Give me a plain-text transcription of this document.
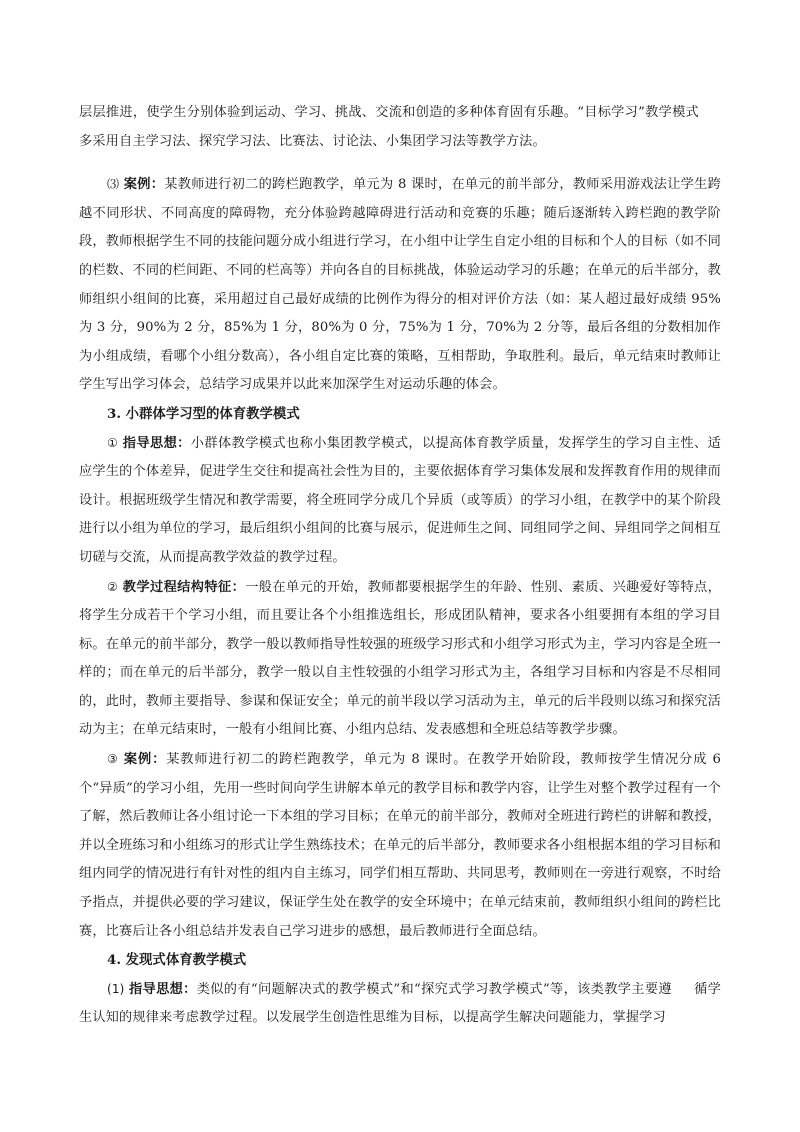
层层推进，使学生分别体验到运动、学习、挑战、交流和创造的多种体育固有乐趣。“目标学习”教学模式多采用自主学习法、探究学习法、比赛法、讨论法、小集团学习法等教学方法。

⑶ 案例：某教师进行初二的跨栏跑教学，单元为 8 课时，在单元的前半部分，教师采用游戏法让学生跨越不同形状、不同高度的障碍物，充分体验跨越障碍进行活动和竞赛的乐趣；随后逐渐转入跨栏跑的教学阶段，教师根据学生不同的技能问题分成小组进行学习，在小组中让学生自定小组的目标和个人的目标（如不同的栏数、不同的栏间距、不同的栏高等）并向各自的目标挑战，体验运动学习的乐趣；在单元的后半部分，教师组织小组间的比赛，采用超过自己最好成绩的比例作为得分的相对评价方法（如：某人超过最好成绩 95%为 3 分，90%为 2 分，85%为 1 分，80%为 0 分，75%为 1 分，70%为 2 分等，最后各组的分数相加作为小组成绩，看哪个小组分数高），各小组自定比赛的策略，互相帮助，争取胜利。最后，单元结束时教师让学生写出学习体会，总结学习成果并以此来加深学生对运动乐趣的体会。

3. 小群体学习型的体育教学模式

① 指导思想：小群体教学模式也称小集团教学模式，以提高体育教学质量，发挥学生的学习自主性、适应学生的个体差异，促进学生交往和提高社会性为目的，主要依据体育学习集体发展和发挥教育作用的规律而设计。根据班级学生情况和教学需要，将全班同学分成几个异质（或等质）的学习小组，在教学中的某个阶段进行以小组为单位的学习，最后组织小组间的比赛与展示，促进师生之间、同组同学之间、异组同学之间相互切磋与交流，从而提高教学效益的教学过程。

② 教学过程结构特征：一般在单元的开始，教师都要根据学生的年龄、性别、素质、兴趣爱好等特点，将学生分成若干个学习小组，而且要让各个小组推选组长，形成团队精神，要求各小组要拥有本组的学习目标。在单元的前半部分，教学一般以教师指导性较强的班级学习形式和小组学习形式为主，学习内容是全班一样的；而在单元的后半部分，教学一般以自主性较强的小组学习形式为主，各组学习目标和内容是不尽相同的，此时，教师主要指导、参谋和保证安全；单元的前半段以学习活动为主，单元的后半段则以练习和探究活动为主；在单元结束时，一般有小组间比赛、小组内总结、发表感想和全班总结等教学步骤。

③ 案例：某教师进行初二的跨栏跑教学，单元为 8 课时。在教学开始阶段，教师按学生情况分成 6 个“异质”的学习小组，先用一些时间向学生讲解本单元的教学目标和教学内容，让学生对整个教学过程有一个了解，然后教师让各小组讨论一下本组的学习目标；在单元的前半部分，教师对全班进行跨栏的讲解和教授，并以全班练习和小组练习的形式让学生熟练技术；在单元的后半部分，教师要求各小组根据本组的学习目标和组内同学的情况进行有针对性的组内自主练习，同学们相互帮助、共同思考，教师则在一旁进行观察，不时给予指点，并提供必要的学习建议，保证学生处在教学的安全环境中；在单元结束前，教师组织小组间的跨栏比赛，比赛后让各小组总结并发表自己学习进步的感想，最后教师进行全面总结。

4. 发现式体育教学模式

(1) 指导思想：类似的有“问题解决式的教学模式”和“探究式学习教学模式”等，该类教学主要遵 循学生认知的规律来考虑教学过程。以发展学生创造性思维为目标，以提高学生解决问题能力，掌握学习
